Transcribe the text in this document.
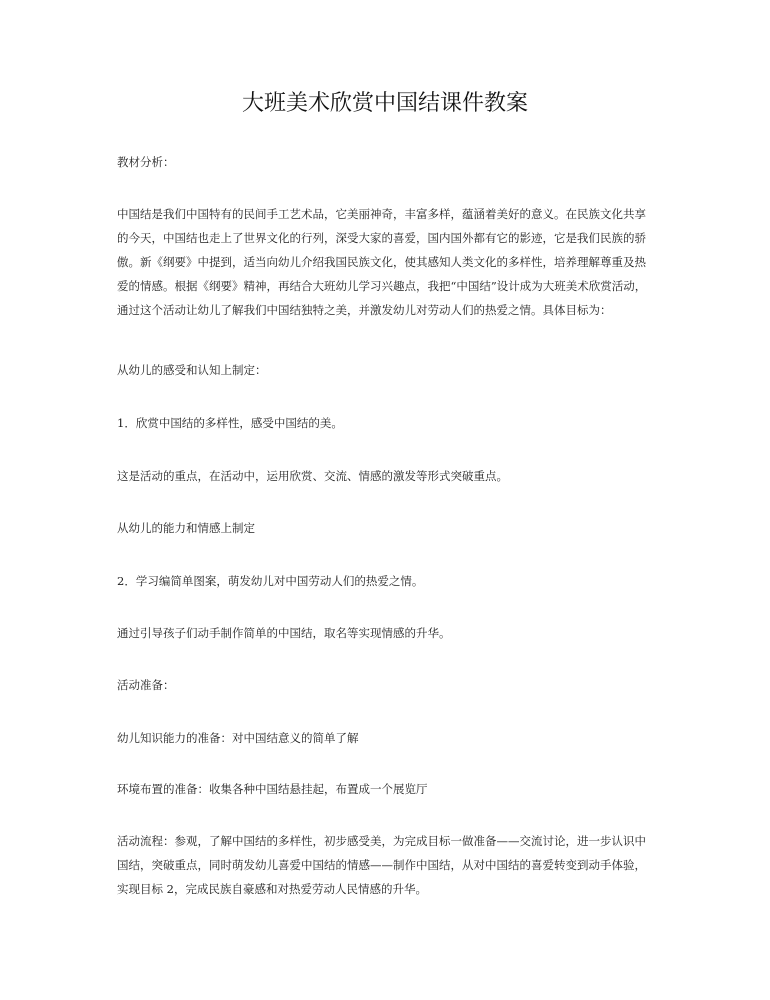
大班美术欣赏中国结课件教案

教材分析：

中国结是我们中国特有的民间手工艺术品，它美丽神奇，丰富多样，蕴涵着美好的意义。在民族文化共享的今天，中国结也走上了世界文化的行列，深受大家的喜爱，国内国外都有它的影迹，它是我们民族的骄傲。新《纲要》中提到，适当向幼儿介绍我国民族文化，使其感知人类文化的多样性，培养理解尊重及热爱的情感。根据《纲要》精神，再结合大班幼儿学习兴趣点，我把“中国结”设计成为大班美术欣赏活动，通过这个活动让幼儿了解我们中国结独特之美，并激发幼儿对劳动人们的热爱之情。具体目标为：

从幼儿的感受和认知上制定：

1．欣赏中国结的多样性，感受中国结的美。

这是活动的重点，在活动中，运用欣赏、交流、情感的激发等形式突破重点。

从幼儿的能力和情感上制定

2．学习编简单图案，萌发幼儿对中国劳动人们的热爱之情。

通过引导孩子们动手制作简单的中国结，取名等实现情感的升华。

活动准备：

幼儿知识能力的准备：对中国结意义的简单了解

环境布置的准备：收集各种中国结悬挂起，布置成一个展览厅

活动流程：参观，了解中国结的多样性，初步感受美，为完成目标一做准备——交流讨论，进一步认识中国结，突破重点，同时萌发幼儿喜爱中国结的情感——制作中国结，从对中国结的喜爱转变到动手体验，实现目标 2，完成民族自豪感和对热爱劳动人民情感的升华。
